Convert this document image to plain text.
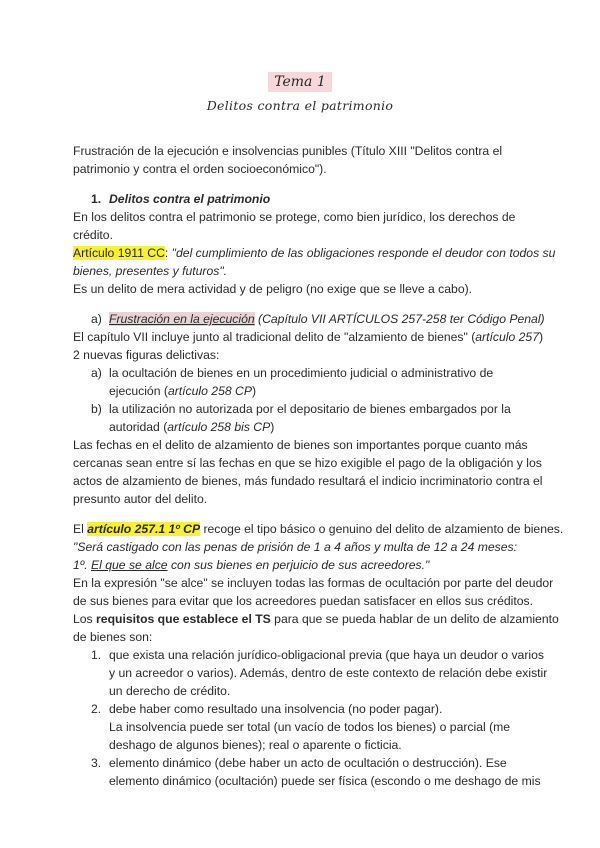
Tema 1
Delitos contra el patrimonio
Frustración de la ejecución e insolvencias punibles (Título XIII "Delitos contra el
patrimonio y contra el orden socioeconómico").
1. Delitos contra el patrimonio
En los delitos contra el patrimonio se protege, como bien jurídico, los derechos de
crédito.
Artículo 1911 CC: "del cumplimiento de las obligaciones responde el deudor con todos su
bienes, presentes y futuros".
Es un delito de mera actividad y de peligro (no exige que se lleve a cabo).
a) Frustración en la ejecución (Capítulo VII ARTÍCULOS 257-258 ter Código Penal)
El capítulo VII incluye junto al tradicional delito de "alzamiento de bienes" (artículo 257)
2 nuevas figuras delictivas:
a) la ocultación de bienes en un procedimiento judicial o administrativo de
ejecución (artículo 258 CP)
b) la utilización no autorizada por el depositario de bienes embargados por la
autoridad (artículo 258 bis CP)
Las fechas en el delito de alzamiento de bienes son importantes porque cuanto más
cercanas sean entre sí las fechas en que se hizo exigible el pago de la obligación y los
actos de alzamiento de bienes, más fundado resultará el indicio incriminatorio contra el
presunto autor del delito.
El artículo 257.1 1º CP recoge el tipo básico o genuino del delito de alzamiento de bienes.
"Será castigado con las penas de prisión de 1 a 4 años y multa de 12 a 24 meses:
1º. El que se alce con sus bienes en perjuicio de sus acreedores."
En la expresión "se alce" se incluyen todas las formas de ocultación por parte del deudor
de sus bienes para evitar que los acreedores puedan satisfacer en ellos sus créditos.
Los requisitos que establece el TS para que se pueda hablar de un delito de alzamiento
de bienes son:
1. que exista una relación jurídico-obligacional previa (que haya un deudor o varios
y un acreedor o varios). Además, dentro de este contexto de relación debe existir
un derecho de crédito.
2. debe haber como resultado una insolvencia (no poder pagar).
La insolvencia puede ser total (un vacío de todos los bienes) o parcial (me
deshago de algunos bienes); real o aparente o ficticia.
3. elemento dinámico (debe haber un acto de ocultación o destrucción). Ese
elemento dinámico (ocultación) puede ser física (escondo o me deshago de mis
